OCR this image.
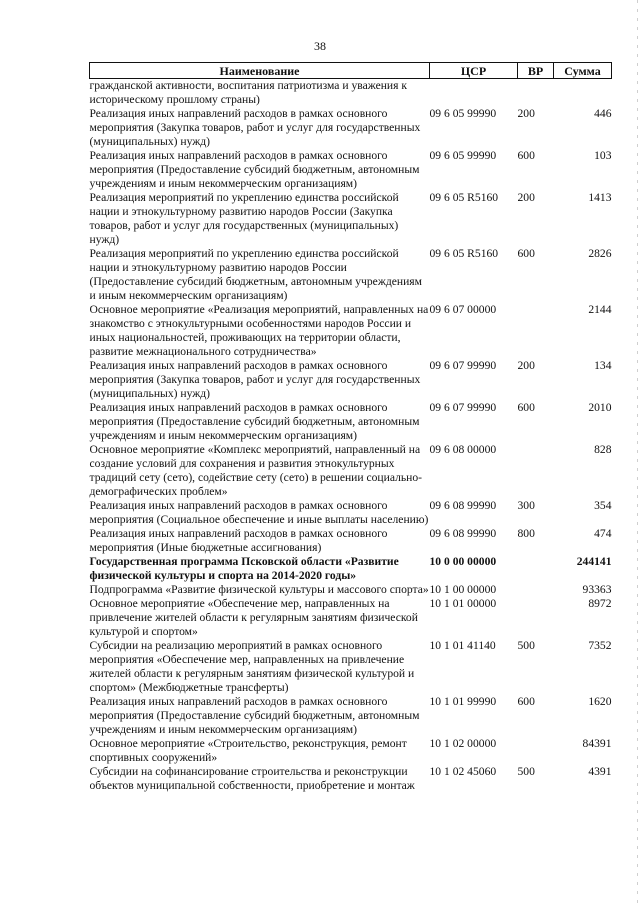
38
Наименование	ЦСР	ВР	Сумма
гражданской активности, воспитания патриотизма и уважения к историческому прошлому страны)			
Реализация иных направлений расходов в рамках основного мероприятия (Закупка товаров, работ и услуг для государственных (муниципальных) нужд)	09 6 05 99990	200	446
Реализация иных направлений расходов в рамках основного мероприятия (Предоставление субсидий бюджетным, автономным учреждениям и иным некоммерческим организациям)	09 6 05 99990	600	103
Реализация мероприятий по укреплению единства российской нации и этнокультурному развитию народов России (Закупка товаров, работ и услуг для государственных (муниципальных) нужд)	09 6 05 R5160	200	1413
Реализация мероприятий по укреплению единства российской нации и этнокультурному развитию народов России (Предоставление субсидий бюджетным, автономным учреждениям и иным некоммерческим организациям)	09 6 05 R5160	600	2826
Основное мероприятие «Реализация мероприятий, направленных на знакомство с этнокультурными особенностями народов России и иных национальностей, проживающих на территории области, развитие межнационального сотрудничества»	09 6 07 00000		2144
Реализация иных направлений расходов в рамках основного мероприятия (Закупка товаров, работ и услуг для государственных (муниципальных) нужд)	09 6 07 99990	200	134
Реализация иных направлений расходов в рамках основного мероприятия (Предоставление субсидий бюджетным, автономным учреждениям и иным некоммерческим организациям)	09 6 07 99990	600	2010
Основное мероприятие «Комплекс мероприятий, направленный на создание условий для сохранения и развития этнокультурных традиций сету (сето), содействие сету (сето) в решении социально-демографических проблем»	09 6 08 00000		828
Реализация иных направлений расходов в рамках основного мероприятия (Социальное обеспечение и иные выплаты населению)	09 6 08 99990	300	354
Реализация иных направлений расходов в рамках основного мероприятия (Иные бюджетные ассигнования)	09 6 08 99990	800	474
Государственная программа Псковской области «Развитие физической культуры и спорта на 2014-2020 годы»	10 0 00 00000		244141
Подпрограмма «Развитие физической культуры и массового спорта»	10 1 00 00000		93363
Основное мероприятие «Обеспечение мер, направленных на привлечение жителей области к регулярным занятиям физической культурой и спортом»	10 1 01 00000		8972
Субсидии на реализацию мероприятий в рамках основного мероприятия «Обеспечение мер, направленных на привлечение жителей области к регулярным занятиям физической культурой и спортом» (Межбюджетные трансферты)	10 1 01 41140	500	7352
Реализация иных направлений расходов в рамках основного мероприятия (Предоставление субсидий бюджетным, автономным учреждениям и иным некоммерческим организациям)	10 1 01 99990	600	1620
Основное мероприятие «Строительство, реконструкция, ремонт спортивных сооружений»	10 1 02 00000		84391
Субсидии на софинансирование строительства и реконструкции объектов муниципальной собственности, приобретение и монтаж	10 1 02 45060	500	4391
